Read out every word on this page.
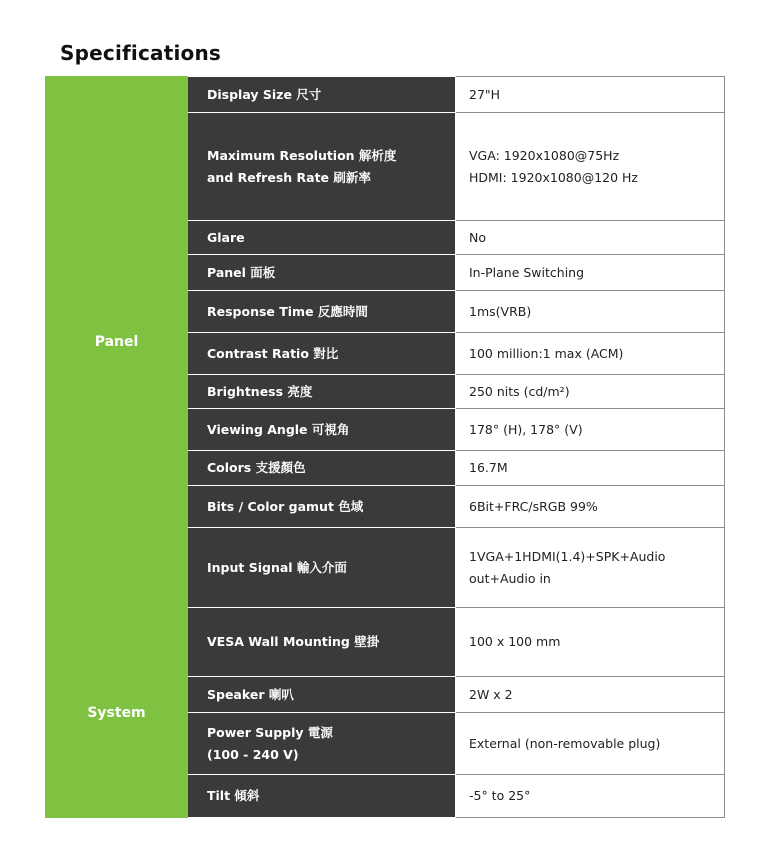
Specifications
Panel	Display Size 尺寸	27"H

	Maximum Resolution 解析度
and Refresh Rate 刷新率	VGA: 1920x1080@75Hz
HDMI: 1920x1080@120 Hz

	Glare	No

	Panel 面板	In-Plane Switching

	Response Time 反應時間	1ms(VRB)

	Contrast Ratio 對比	100 million:1 max (ACM)

	Brightness 亮度	250 nits (cd/m²)

	Viewing Angle 可視角	178° (H), 178° (V)

	Colors 支援顏色	16.7M

	Bits / Color gamut 色域	6Bit+FRC/sRGB 99%

	Input Signal 輸入介面	1VGA+1HDMI(1.4)+SPK+Audio
out+Audio in

System	VESA Wall Mounting 壁掛	100 x 100 mm

	Speaker 喇叭	2W x 2

	Power Supply 電源
(100 - 240 V)	External (non-removable plug)

	Tilt 傾斜	-5° to 25°
